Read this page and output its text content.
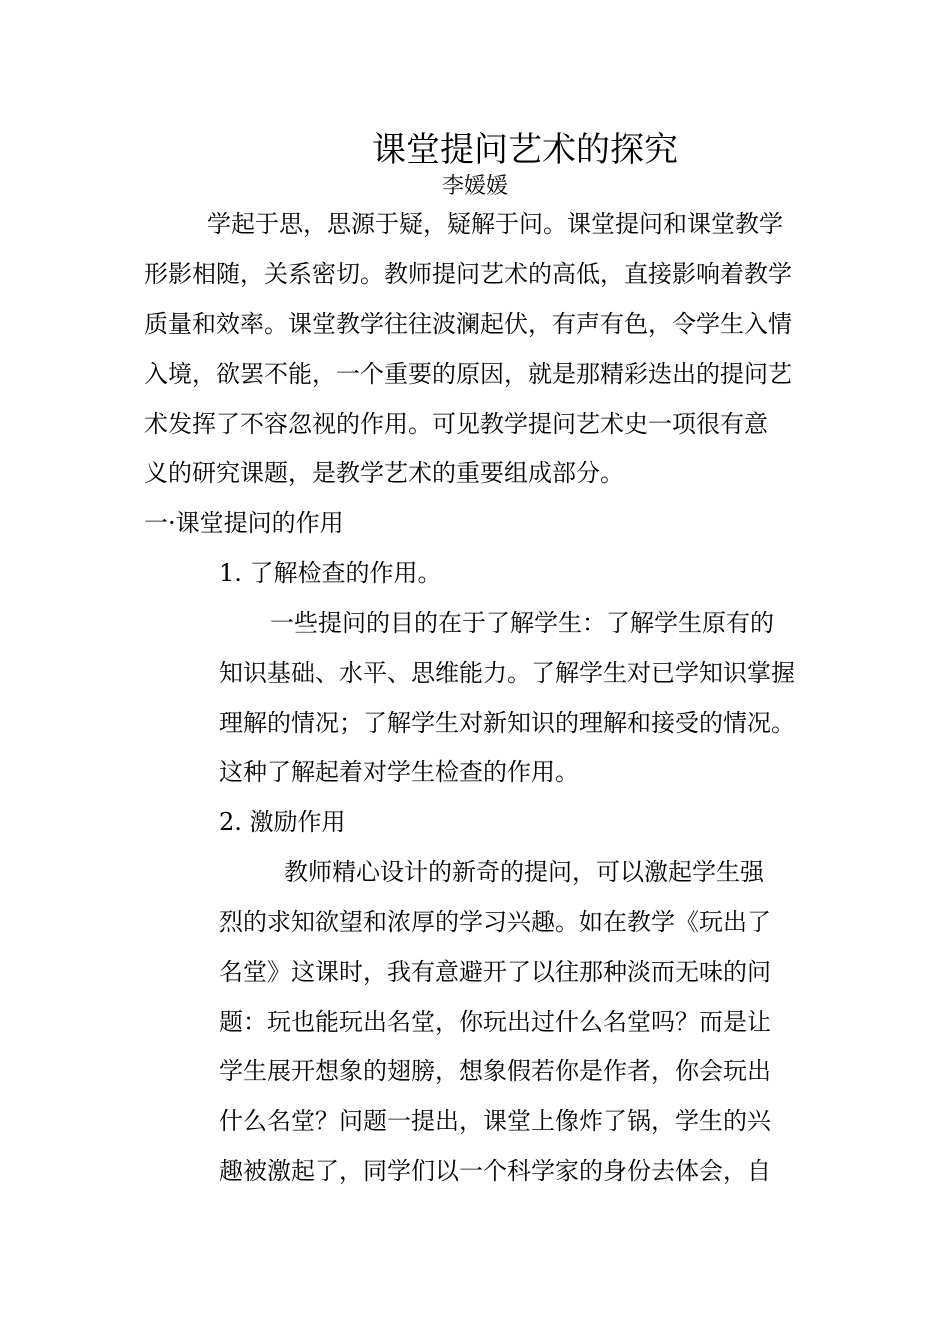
课堂提问艺术的探究
李媛媛
学起于思，思源于疑，疑解于问。课堂提问和课堂教学
形影相随，关系密切。教师提问艺术的高低，直接影响着教学
质量和效率。课堂教学往往波澜起伏，有声有色，令学生入情
入境，欲罢不能，一个重要的原因，就是那精彩迭出的提问艺
术发挥了不容忽视的作用。可见教学提问艺术史一项很有意
义的研究课题，是教学艺术的重要组成部分。
一·课堂提问的作用
1. 了解检查的作用。
一些提问的目的在于了解学生：了解学生原有的
知识基础、水平、思维能力。了解学生对已学知识掌握
理解的情况；了解学生对新知识的理解和接受的情况。
这种了解起着对学生检查的作用。
2. 激励作用
教师精心设计的新奇的提问，可以激起学生强
烈的求知欲望和浓厚的学习兴趣。如在教学《玩出了
名堂》这课时，我有意避开了以往那种淡而无味的问
题：玩也能玩出名堂，你玩出过什么名堂吗？而是让
学生展开想象的翅膀，想象假若你是作者，你会玩出
什么名堂？问题一提出，课堂上像炸了锅，学生的兴
趣被激起了，同学们以一个科学家的身份去体会，自
